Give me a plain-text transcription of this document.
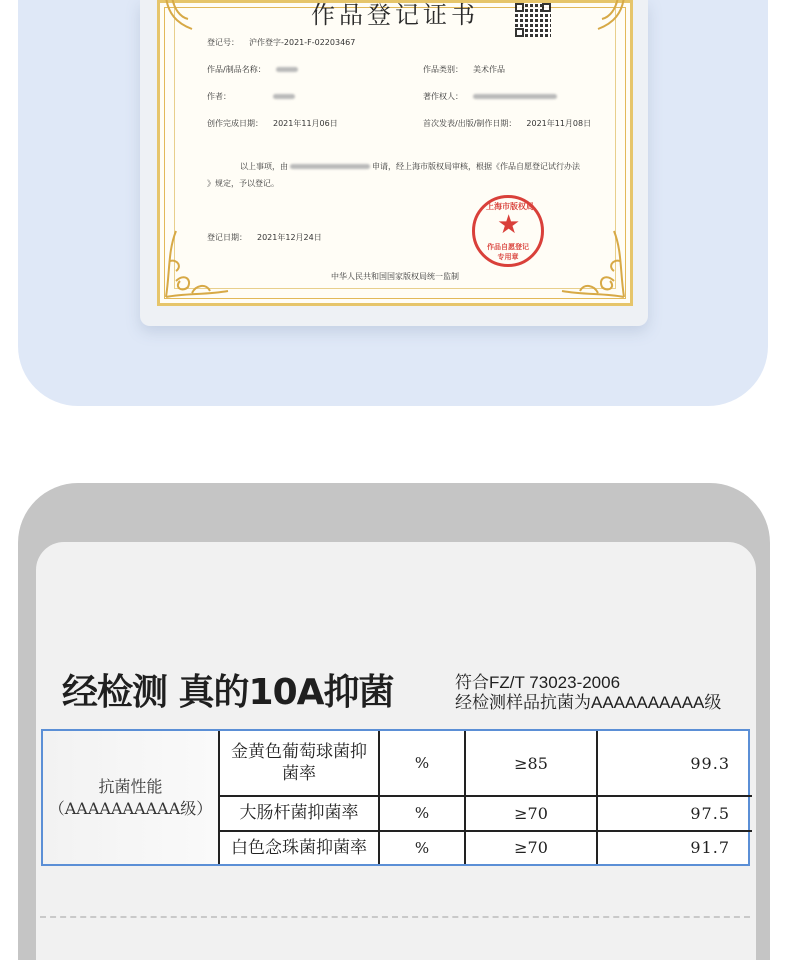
作品登记证书
登记号： 沪作登字-2021-F-02203467
作品/制品名称：	作品类别： 美术作品
作者：	著作权人：
创作完成日期： 2021年11月06日	首次发表/出版/制作日期： 2021年11月08日
以上事项，由	申请，经上海市版权局审核，根据《作品自愿登记试行办法
》规定，予以登记。
登记日期： 2021年12月24日
上海市版权局
★
作品自愿登记
专用章
中华人民共和国国家版权局统一监制
经检测 真的10A抑菌	符合FZ/T 73023-2006
经检测样品抗菌为AAAAAAAAAA级
抗菌性能
（AAAAAAAAAA级）	金黄色葡萄球菌抑菌率	%	≥85	99.3
	大肠杆菌抑菌率	%	≥70	97.5
	白色念珠菌抑菌率	%	≥70	91.7
